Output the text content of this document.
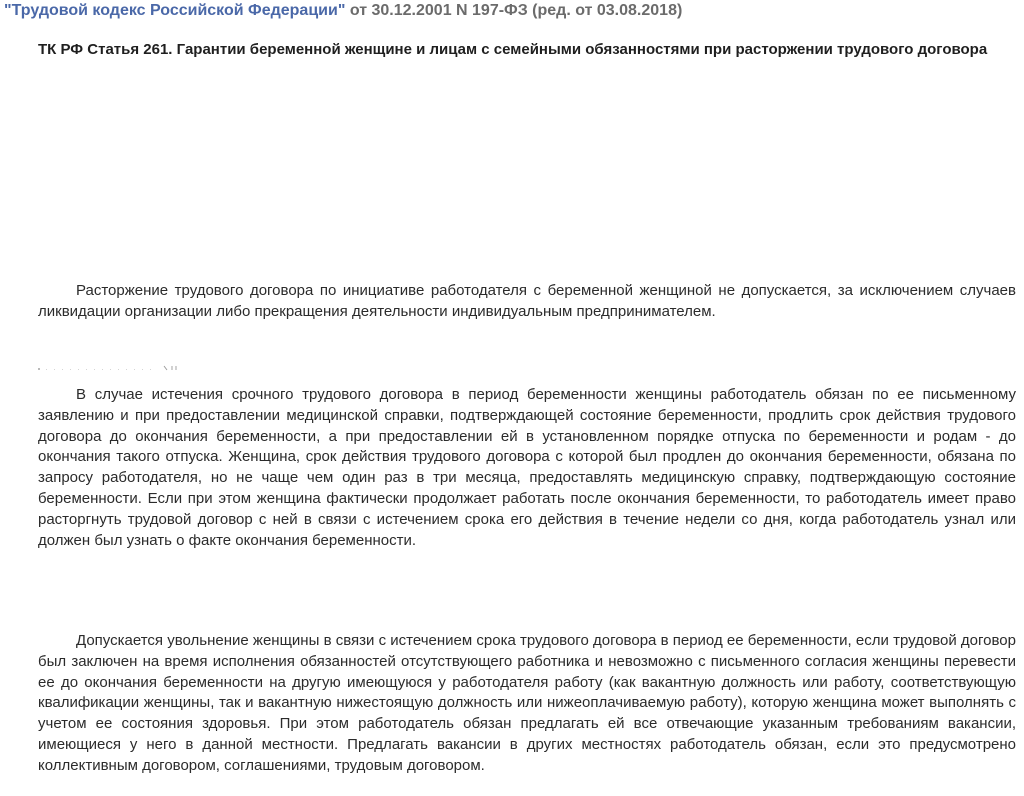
"Трудовой кодекс Российской Федерации" от 30.12.2001 N 197-ФЗ (ред. от 03.08.2018)
ТК РФ Статья 261. Гарантии беременной женщине и лицам с семейными обязанностями при расторжении трудового договора

Расторжение трудового договора по инициативе работодателя с беременной женщиной не допускается, за исключением случаев ликвидации организации либо прекращения деятельности индивидуальным предпринимателем.

В случае истечения срочного трудового договора в период беременности женщины работодатель обязан по ее письменному заявлению и при предоставлении медицинской справки, подтверждающей состояние беременности, продлить срок действия трудового договора до окончания беременности, а при предоставлении ей в установленном порядке отпуска по беременности и родам - до окончания такого отпуска. Женщина, срок действия трудового договора с которой был продлен до окончания беременности, обязана по запросу работодателя, но не чаще чем один раз в три месяца, предоставлять медицинскую справку, подтверждающую состояние беременности. Если при этом женщина фактически продолжает работать после окончания беременности, то работодатель имеет право расторгнуть трудовой договор с ней в связи с истечением срока его действия в течение недели со дня, когда работодатель узнал или должен был узнать о факте окончания беременности.

Допускается увольнение женщины в связи с истечением срока трудового договора в период ее беременности, если трудовой договор был заключен на время исполнения обязанностей отсутствующего работника и невозможно с письменного согласия женщины перевести ее до окончания беременности на другую имеющуюся у работодателя работу (как вакантную должность или работу, соответствующую квалификации женщины, так и вакантную нижестоящую должность или нижеоплачиваемую работу), которую женщина может выполнять с учетом ее состояния здоровья. При этом работодатель обязан предлагать ей все отвечающие указанным требованиям вакансии, имеющиеся у него в данной местности. Предлагать вакансии в других местностях работодатель обязан, если это предусмотрено коллективным договором, соглашениями, трудовым договором.
